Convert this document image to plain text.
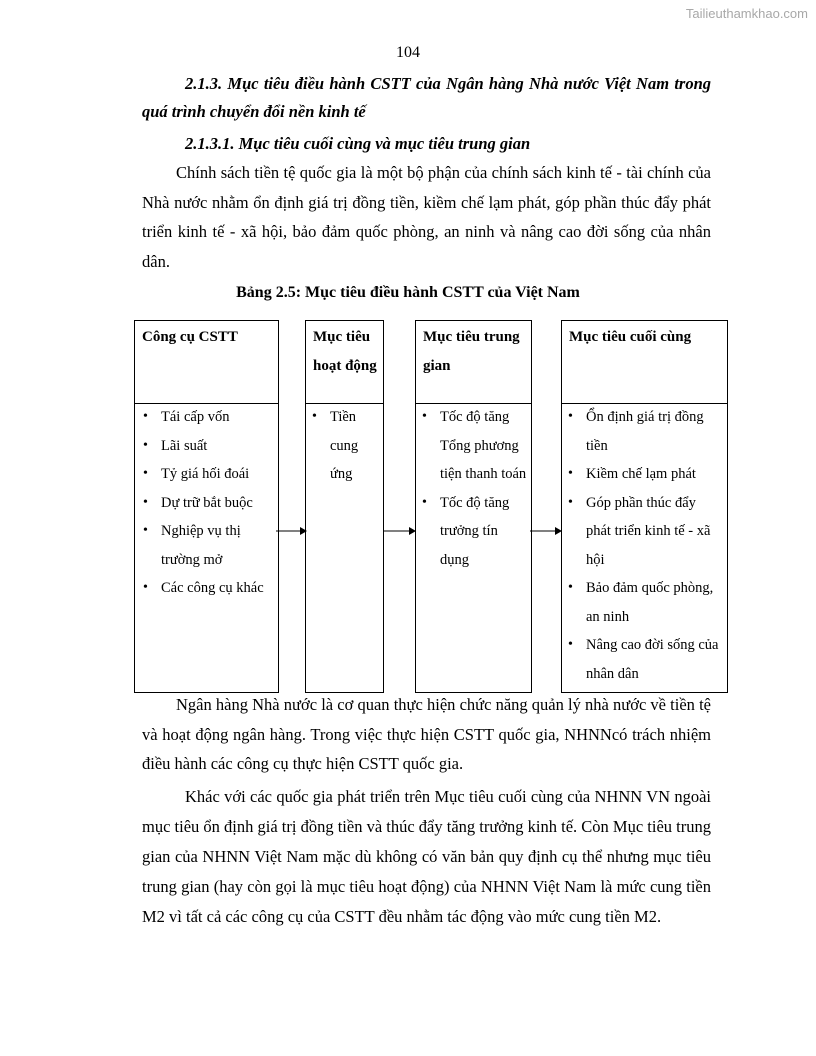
Tailieuthamkhao.com
104
2.1.3. Mục tiêu điều hành CSTT của Ngân hàng Nhà nước Việt Nam trong quá trình chuyển đổi nền kinh tế
2.1.3.1. Mục tiêu cuối cùng và mục tiêu trung gian
Chính sách tiền tệ quốc gia là một bộ phận của chính sách kinh tế - tài chính của Nhà nước nhằm ổn định giá trị đồng tiền, kiềm chế lạm phát, góp phần thúc đẩy phát triển kinh tế - xã hội, bảo đảm quốc phòng, an ninh và nâng cao đời sống của nhân dân.
Bảng 2.5: Mục tiêu điều hành CSTT của Việt Nam
Công cụ CSTT
• Tái cấp vốn
• Lãi suất
• Tỷ giá hối đoái
• Dự trữ bắt buộc
• Nghiệp vụ thị trường mở
• Các công cụ khác
Mục tiêu hoạt động
• Tiền cung ứng
Mục tiêu trung gian
• Tốc độ tăng Tổng phương tiện thanh toán
• Tốc độ tăng trưởng tín dụng
Mục tiêu cuối cùng
• Ổn định giá trị đồng tiền
• Kiềm chế lạm phát
• Góp phần thúc đẩy phát triển kinh tế - xã hội
• Bảo đảm quốc phòng, an ninh
• Nâng cao đời sống của nhân dân
Ngân hàng Nhà nước là cơ quan thực hiện chức năng quản lý nhà nước về tiền tệ và hoạt động ngân hàng. Trong việc thực hiện CSTT quốc gia, NHNNcó trách nhiệm điều hành các công cụ thực hiện CSTT quốc gia.
Khác với các quốc gia phát triển trên Mục tiêu cuối cùng của NHNN VN ngoài mục tiêu ổn định giá trị đồng tiền và thúc đẩy tăng trưởng kinh tế. Còn Mục tiêu trung gian của NHNN Việt Nam mặc dù không có văn bản quy định cụ thể nhưng mục tiêu trung gian (hay còn gọi là mục tiêu hoạt động) của NHNN Việt Nam là mức cung tiền M2 vì tất cả các công cụ của CSTT đều nhằm tác động vào mức cung tiền M2.
